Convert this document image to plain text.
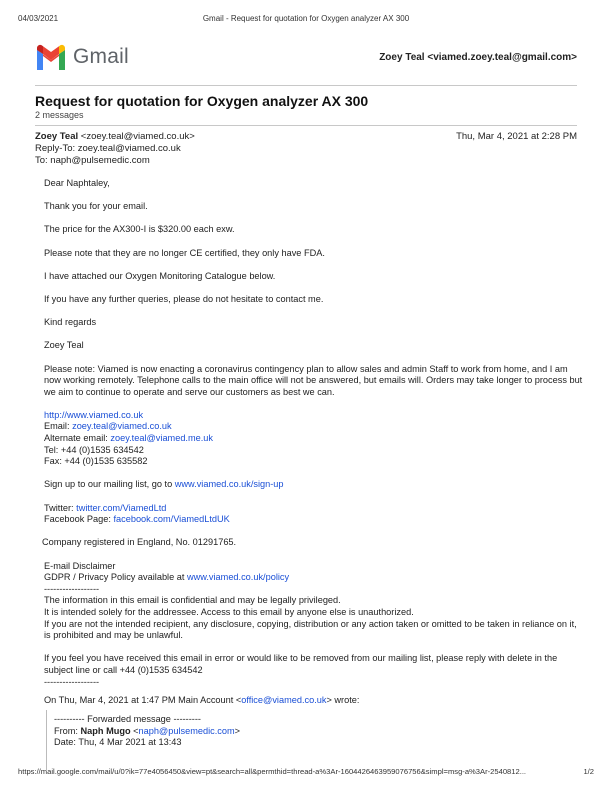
04/03/2021	Gmail - Request for quotation for Oxygen analyzer AX 300
Gmail	Zoey Teal <viamed.zoey.teal@gmail.com>
Request for quotation for Oxygen analyzer AX 300
2 messages
Zoey Teal <zoey.teal@viamed.co.uk>	Thu, Mar 4, 2021 at 2:28 PM
Reply-To: zoey.teal@viamed.co.uk
To: naph@pulsemedic.com

Dear Naphtaley,

Thank you for your email.

The price for the AX300-I is $320.00 each exw.

Please note that they are no longer CE certified, they only have FDA.

I have attached our Oxygen Monitoring Catalogue below.

If you have any further queries, please do not hesitate to contact me.

Kind regards

Zoey Teal

Please note: Viamed is now enacting a coronavirus contingency plan to allow sales and admin Staff to work from home, and I am now working remotely. Telephone calls to the main office will not be answered, but emails will. Orders may take longer to process but we aim to continue to operate and serve our customers as best we can.

http://www.viamed.co.uk
Email: zoey.teal@viamed.co.uk
Alternate email: zoey.teal@viamed.me.uk
Tel: +44 (0)1535 634542

Fax: +44 (0)1535 635582

Sign up to our mailing list, go to www.viamed.co.uk/sign-up

Twitter: twitter.com/ViamedLtd

Facebook Page: facebook.com/ViamedLtdUK

Company registered in England, No. 01291765.

E-mail Disclaimer
GDPR / Privacy Policy available at www.viamed.co.uk/policy
------------------
The information in this email is confidential and may be legally privileged.
It is intended solely for the addressee. Access to this email by anyone else is unauthorized.

If you are not the intended recipient, any disclosure, copying, distribution or any action taken or omitted to be taken in reliance on it, is prohibited and may be unlawful.

If you feel you have received this email in error or would like to be removed from our mailing list, please reply with delete in the subject line or call +44 (0)1535 634542
------------------
On Thu, Mar 4, 2021 at 1:47 PM Main Account <office@viamed.co.uk> wrote:
---------- Forwarded message ---------
From: Naph Mugo <naph@pulsemedic.com>
Date: Thu, 4 Mar 2021 at 13:43
https://mail.google.com/mail/u/0?ik=77e4056450&view=pt&search=all&permthid=thread-a%3Ar-1604426463959076756&simpl=msg-a%3Ar-2540812...	1/2
